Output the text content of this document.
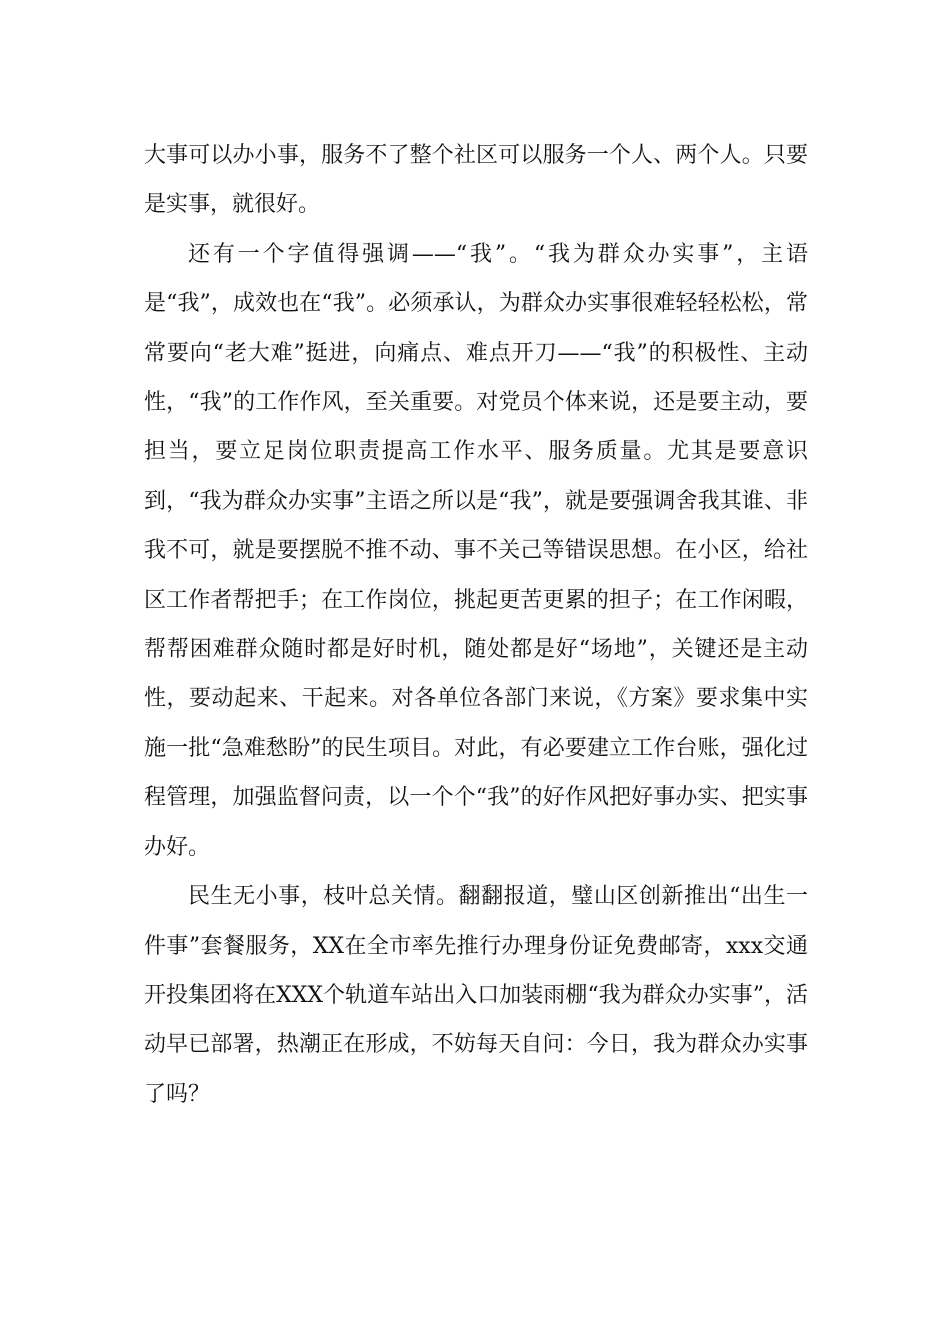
大事可以办小事，服务不了整个社区可以服务一个人、两个人。只要是实事，就很好。

还有一个字值得强调——“我”。“我为群众办实事”，主语是“我”，成效也在“我”。必须承认，为群众办实事很难轻轻松松，常常要向“老大难”挺进，向痛点、难点开刀——“我”的积极性、主动性，“我”的工作作风，至关重要。对党员个体来说，还是要主动，要担当，要立足岗位职责提高工作水平、服务质量。尤其是要意识到，“我为群众办实事”主语之所以是“我”，就是要强调舍我其谁、非我不可，就是要摆脱不推不动、事不关己等错误思想。在小区，给社区工作者帮把手；在工作岗位，挑起更苦更累的担子；在工作闲暇，帮帮困难群众随时都是好时机，随处都是好“场地”，关键还是主动性，要动起来、干起来。对各单位各部门来说，《方案》要求集中实施一批“急难愁盼”的民生项目。对此，有必要建立工作台账，强化过程管理，加强监督问责，以一个个“我”的好作风把好事办实、把实事办好。

民生无小事，枝叶总关情。翻翻报道，璧山区创新推出“出生一件事”套餐服务，XX在全市率先推行办理身份证免费邮寄，xxx交通开投集团将在XXX个轨道车站出入口加装雨棚“我为群众办实事”，活动早已部署，热潮正在形成，不妨每天自问：今日，我为群众办实事了吗？
